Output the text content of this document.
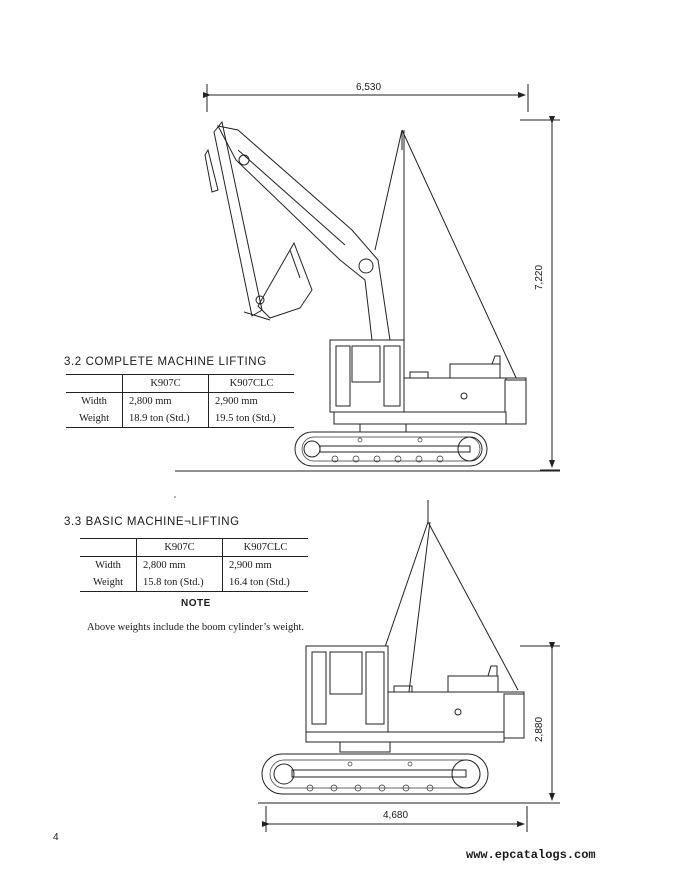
6,530
7,220
2,880
4,680
3.2 COMPLETE MACHINE LIFTING
	K907C	K907CLC
Width	2,800 mm	2,900 mm
Weight	18.9 ton (Std.)	19.5 ton (Std.)
3.3 BASIC MACHINE¬LIFTING
	K907C	K907CLC
Width	2,800 mm	2,900 mm
Weight	15.8 ton (Std.)	16.4 ton (Std.)
NOTE
Above weights include the boom cylinder’s weight.
4
www.epcatalogs.com
